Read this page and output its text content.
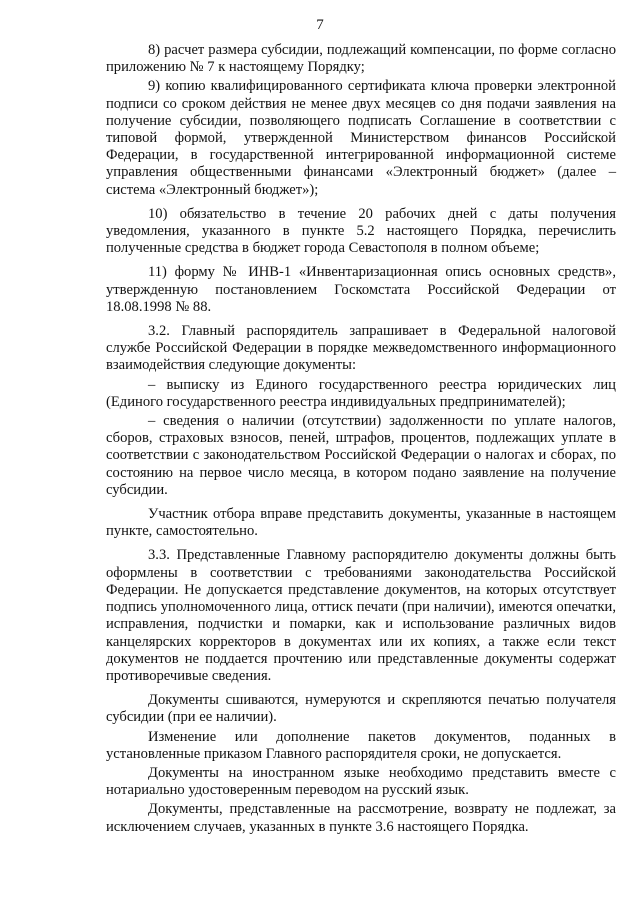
7

8) расчет размера субсидии, подлежащий компенсации, по форме согласно приложению № 7 к настоящему Порядку;

9) копию квалифицированного сертификата ключа проверки электронной подписи со сроком действия не менее двух месяцев со дня подачи заявления на получение субсидии, позволяющего подписать Соглашение в соответствии с типовой формой, утвержденной Министерством финансов Российской Федерации, в государственной интегрированной информационной системе управления общественными финансами «Электронный бюджет» (далее – система «Электронный бюджет»);

10) обязательство в течение 20 рабочих дней с даты получения уведомления, указанного в пункте 5.2 настоящего Порядка, перечислить полученные средства в бюджет города Севастополя в полном объеме;

11) форму № ИНВ-1 «Инвентаризационная опись основных средств», утвержденную постановлением Госкомстата Российской Федерации от 18.08.1998 № 88.

3.2. Главный распорядитель запрашивает в Федеральной налоговой службе Российской Федерации в порядке межведомственного информационного взаимодействия следующие документы:

– выписку из Единого государственного реестра юридических лиц (Единого государственного реестра индивидуальных предпринимателей);

– сведения о наличии (отсутствии) задолженности по уплате налогов, сборов, страховых взносов, пеней, штрафов, процентов, подлежащих уплате в соответствии с законодательством Российской Федерации о налогах и сборах, по состоянию на первое число месяца, в котором подано заявление на получение субсидии.

Участник отбора вправе представить документы, указанные в настоящем пункте, самостоятельно.

3.3. Представленные Главному распорядителю документы должны быть оформлены в соответствии с требованиями законодательства Российской Федерации. Не допускается представление документов, на которых отсутствует подпись уполномоченного лица, оттиск печати (при наличии), имеются опечатки, исправления, подчистки и помарки, как и использование различных видов канцелярских корректоров в документах или их копиях, а также если текст документов не поддается прочтению или представленные документы содержат противоречивые сведения.

Документы сшиваются, нумеруются и скрепляются печатью получателя субсидии (при ее наличии).

Изменение или дополнение пакетов документов, поданных в установленные приказом Главного распорядителя сроки, не допускается.

Документы на иностранном языке необходимо представить вместе с нотариально удостоверенным переводом на русский язык.

Документы, представленные на рассмотрение, возврату не подлежат, за исключением случаев, указанных в пункте 3.6 настоящего Порядка.
